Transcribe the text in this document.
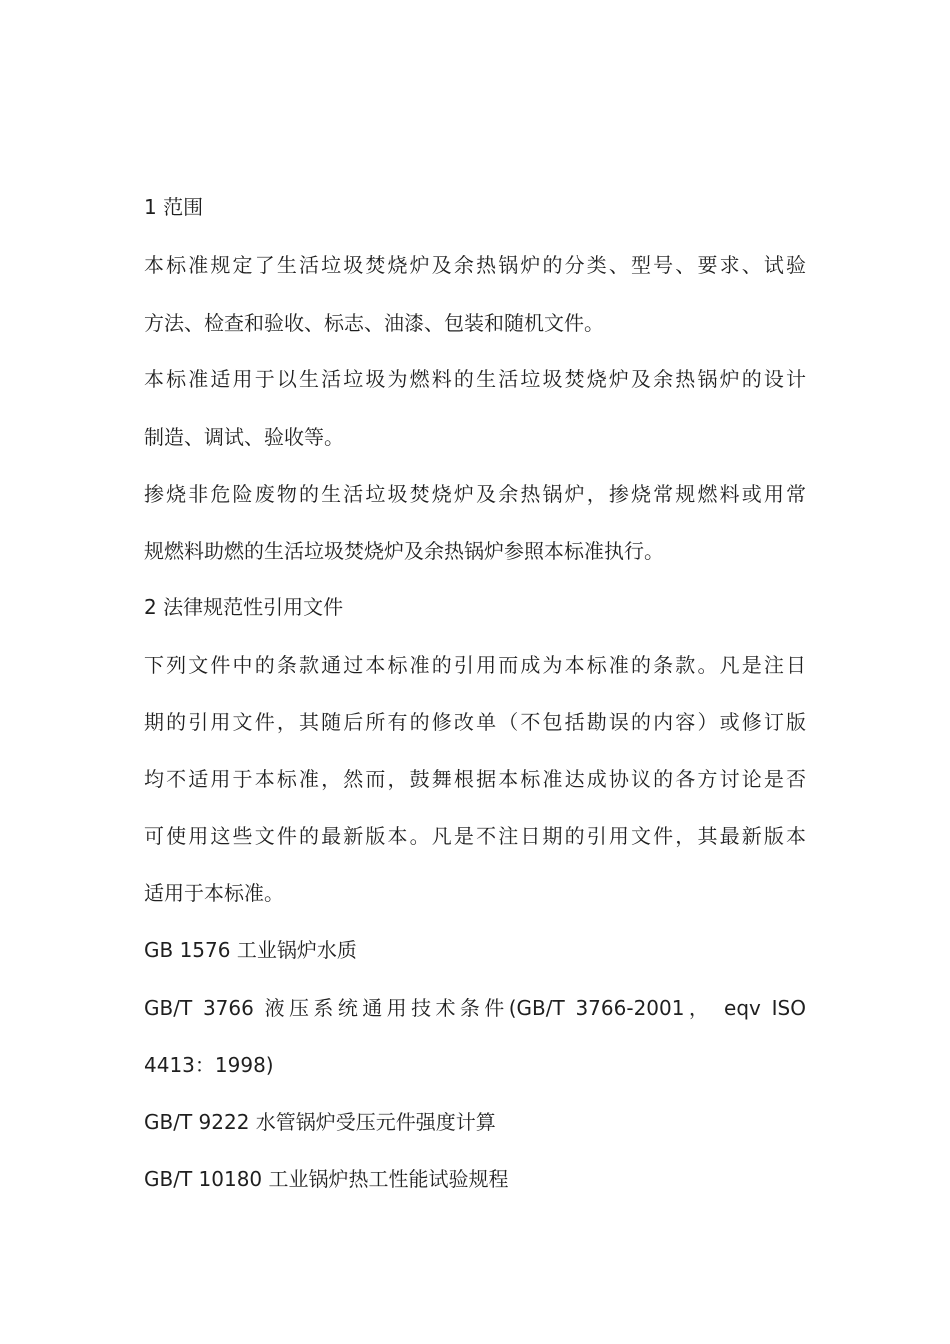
1 范围
本标准规定了生活垃圾焚烧炉及余热锅炉的分类、型号、要求、试验
方法、检查和验收、标志、油漆、包装和随机文件。
本标准适用于以生活垃圾为燃料的生活垃圾焚烧炉及余热锅炉的设计
制造、调试、验收等。
掺烧非危险废物的生活垃圾焚烧炉及余热锅炉，掺烧常规燃料或用常
规燃料助燃的生活垃圾焚烧炉及余热锅炉参照本标准执行。
2 法律规范性引用文件
下列文件中的条款通过本标准的引用而成为本标准的条款。凡是注日
期的引用文件，其随后所有的修改单（不包括勘误的内容）或修订版
均不适用于本标准，然而，鼓舞根据本标准达成协议的各方讨论是否
可使用这些文件的最新版本。凡是不注日期的引用文件，其最新版本
适用于本标准。
GB 1576 工业锅炉水质
GB/T 3766 液压系统通用技术条件(GB/T 3766-2001， eqv ISO
4413：1998)
GB/T 9222 水管锅炉受压元件强度计算
GB/T 10180 工业锅炉热工性能试验规程
